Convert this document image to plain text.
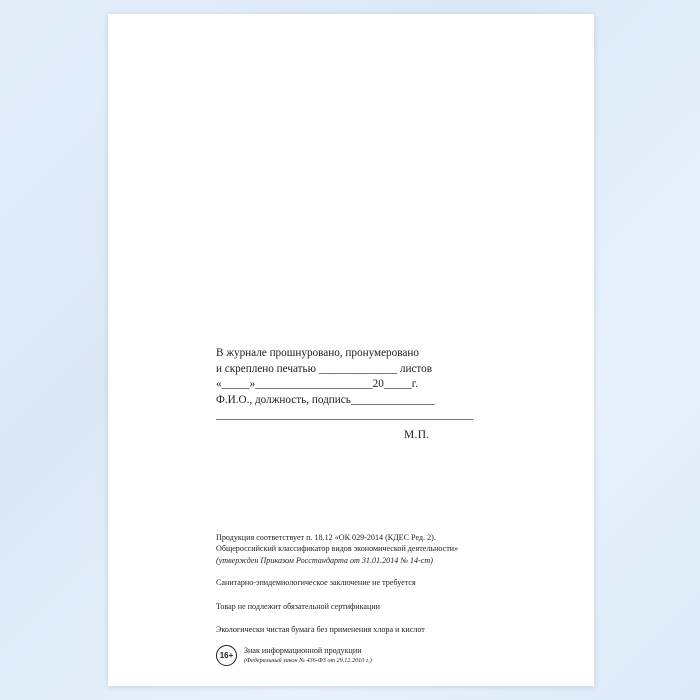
В журнале прошнуровано, пронумеровано
и скреплено печатью ______________ листов
«_____»_____________________20_____г.
Ф.И.О., должность, подпись_______________
______________________________________________
М.П.

Продукция соответствует п. 18.12 «ОК 029-2014 (КДЕС Ред. 2).

Общероссийский классификатор видов экономической деятельности»

(утвержден Приказом Росстандарта от 31.01.2014 № 14-ст)

Санитарно-эпидемиологическое заключение не требуется

Товар не подлежит обязательной сертификации

Экологически чистая бумага без применения хлора и кислот

16+
Знак информационной продукции
(Федеральный закон № 436-ФЗ от 29.12.2010 г.)
